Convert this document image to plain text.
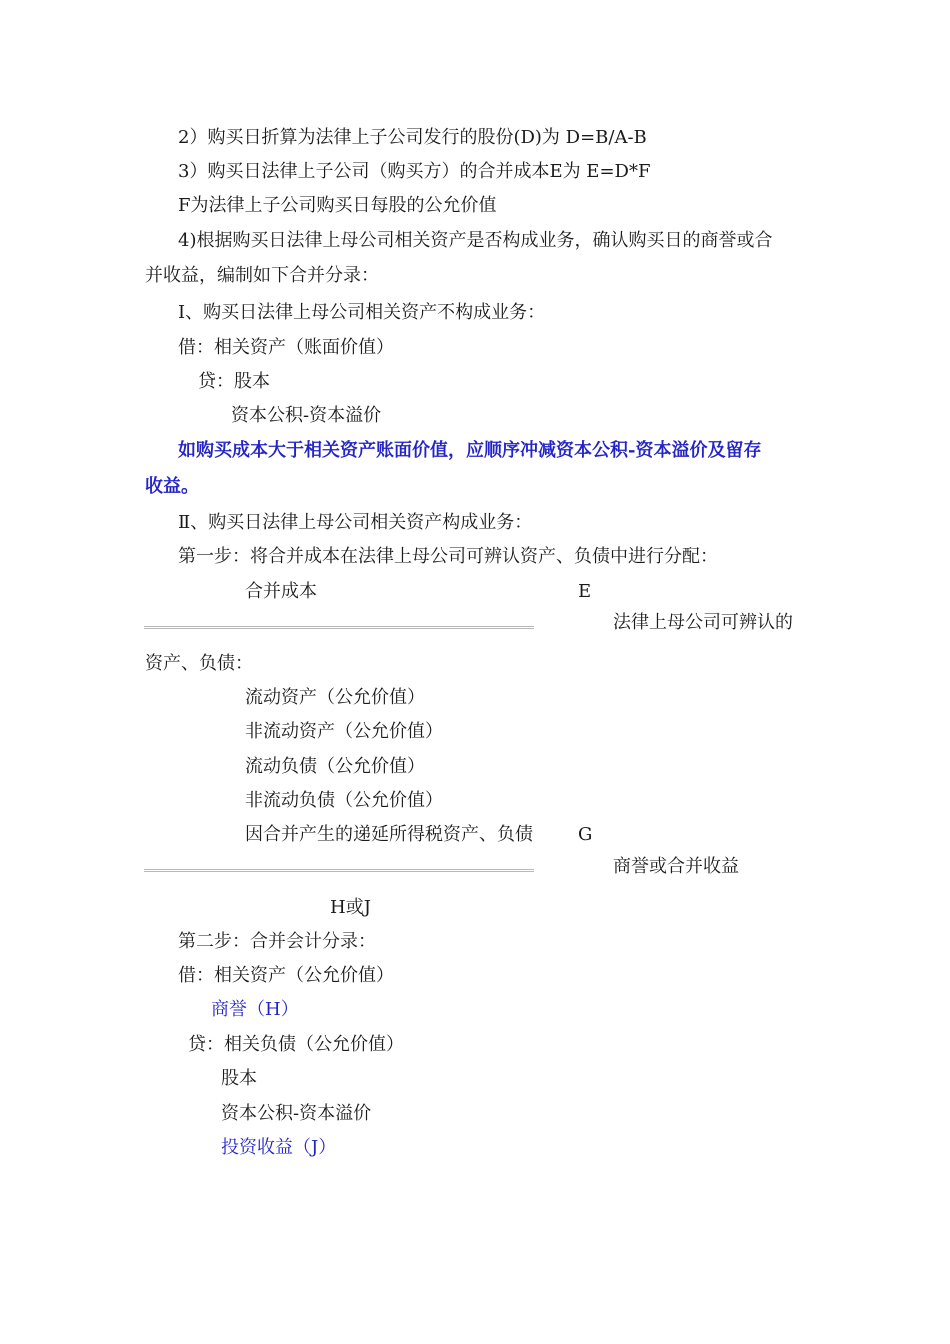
2）购买日折算为法律上子公司发行的股份(D)为 D=B/A-B
3）购买日法律上子公司（购买方）的合并成本E为 E=D*F
F为法律上子公司购买日每股的公允价值
4)根据购买日法律上母公司相关资产是否构成业务，确认购买日的商誉或合
并收益，编制如下合并分录：
Ⅰ、购买日法律上母公司相关资产不构成业务：
借：相关资产（账面价值）
贷：股本
资本公积-资本溢价
如购买成本大于相关资产账面价值，应顺序冲减资本公积-资本溢价及留存
收益。
Ⅱ、购买日法律上母公司相关资产构成业务：
第一步：将合并成本在法律上母公司可辨认资产、负债中进行分配：
合并成本	E
法律上母公司可辨认的
资产、负债：
流动资产（公允价值）
非流动资产（公允价值）
流动负债（公允价值）
非流动负债（公允价值）
因合并产生的递延所得税资产、负债	G
商誉或合并收益
H或J
第二步：合并会计分录：
借：相关资产（公允价值）
商誉（H）
贷：相关负债（公允价值）
股本
资本公积-资本溢价
投资收益（J）
